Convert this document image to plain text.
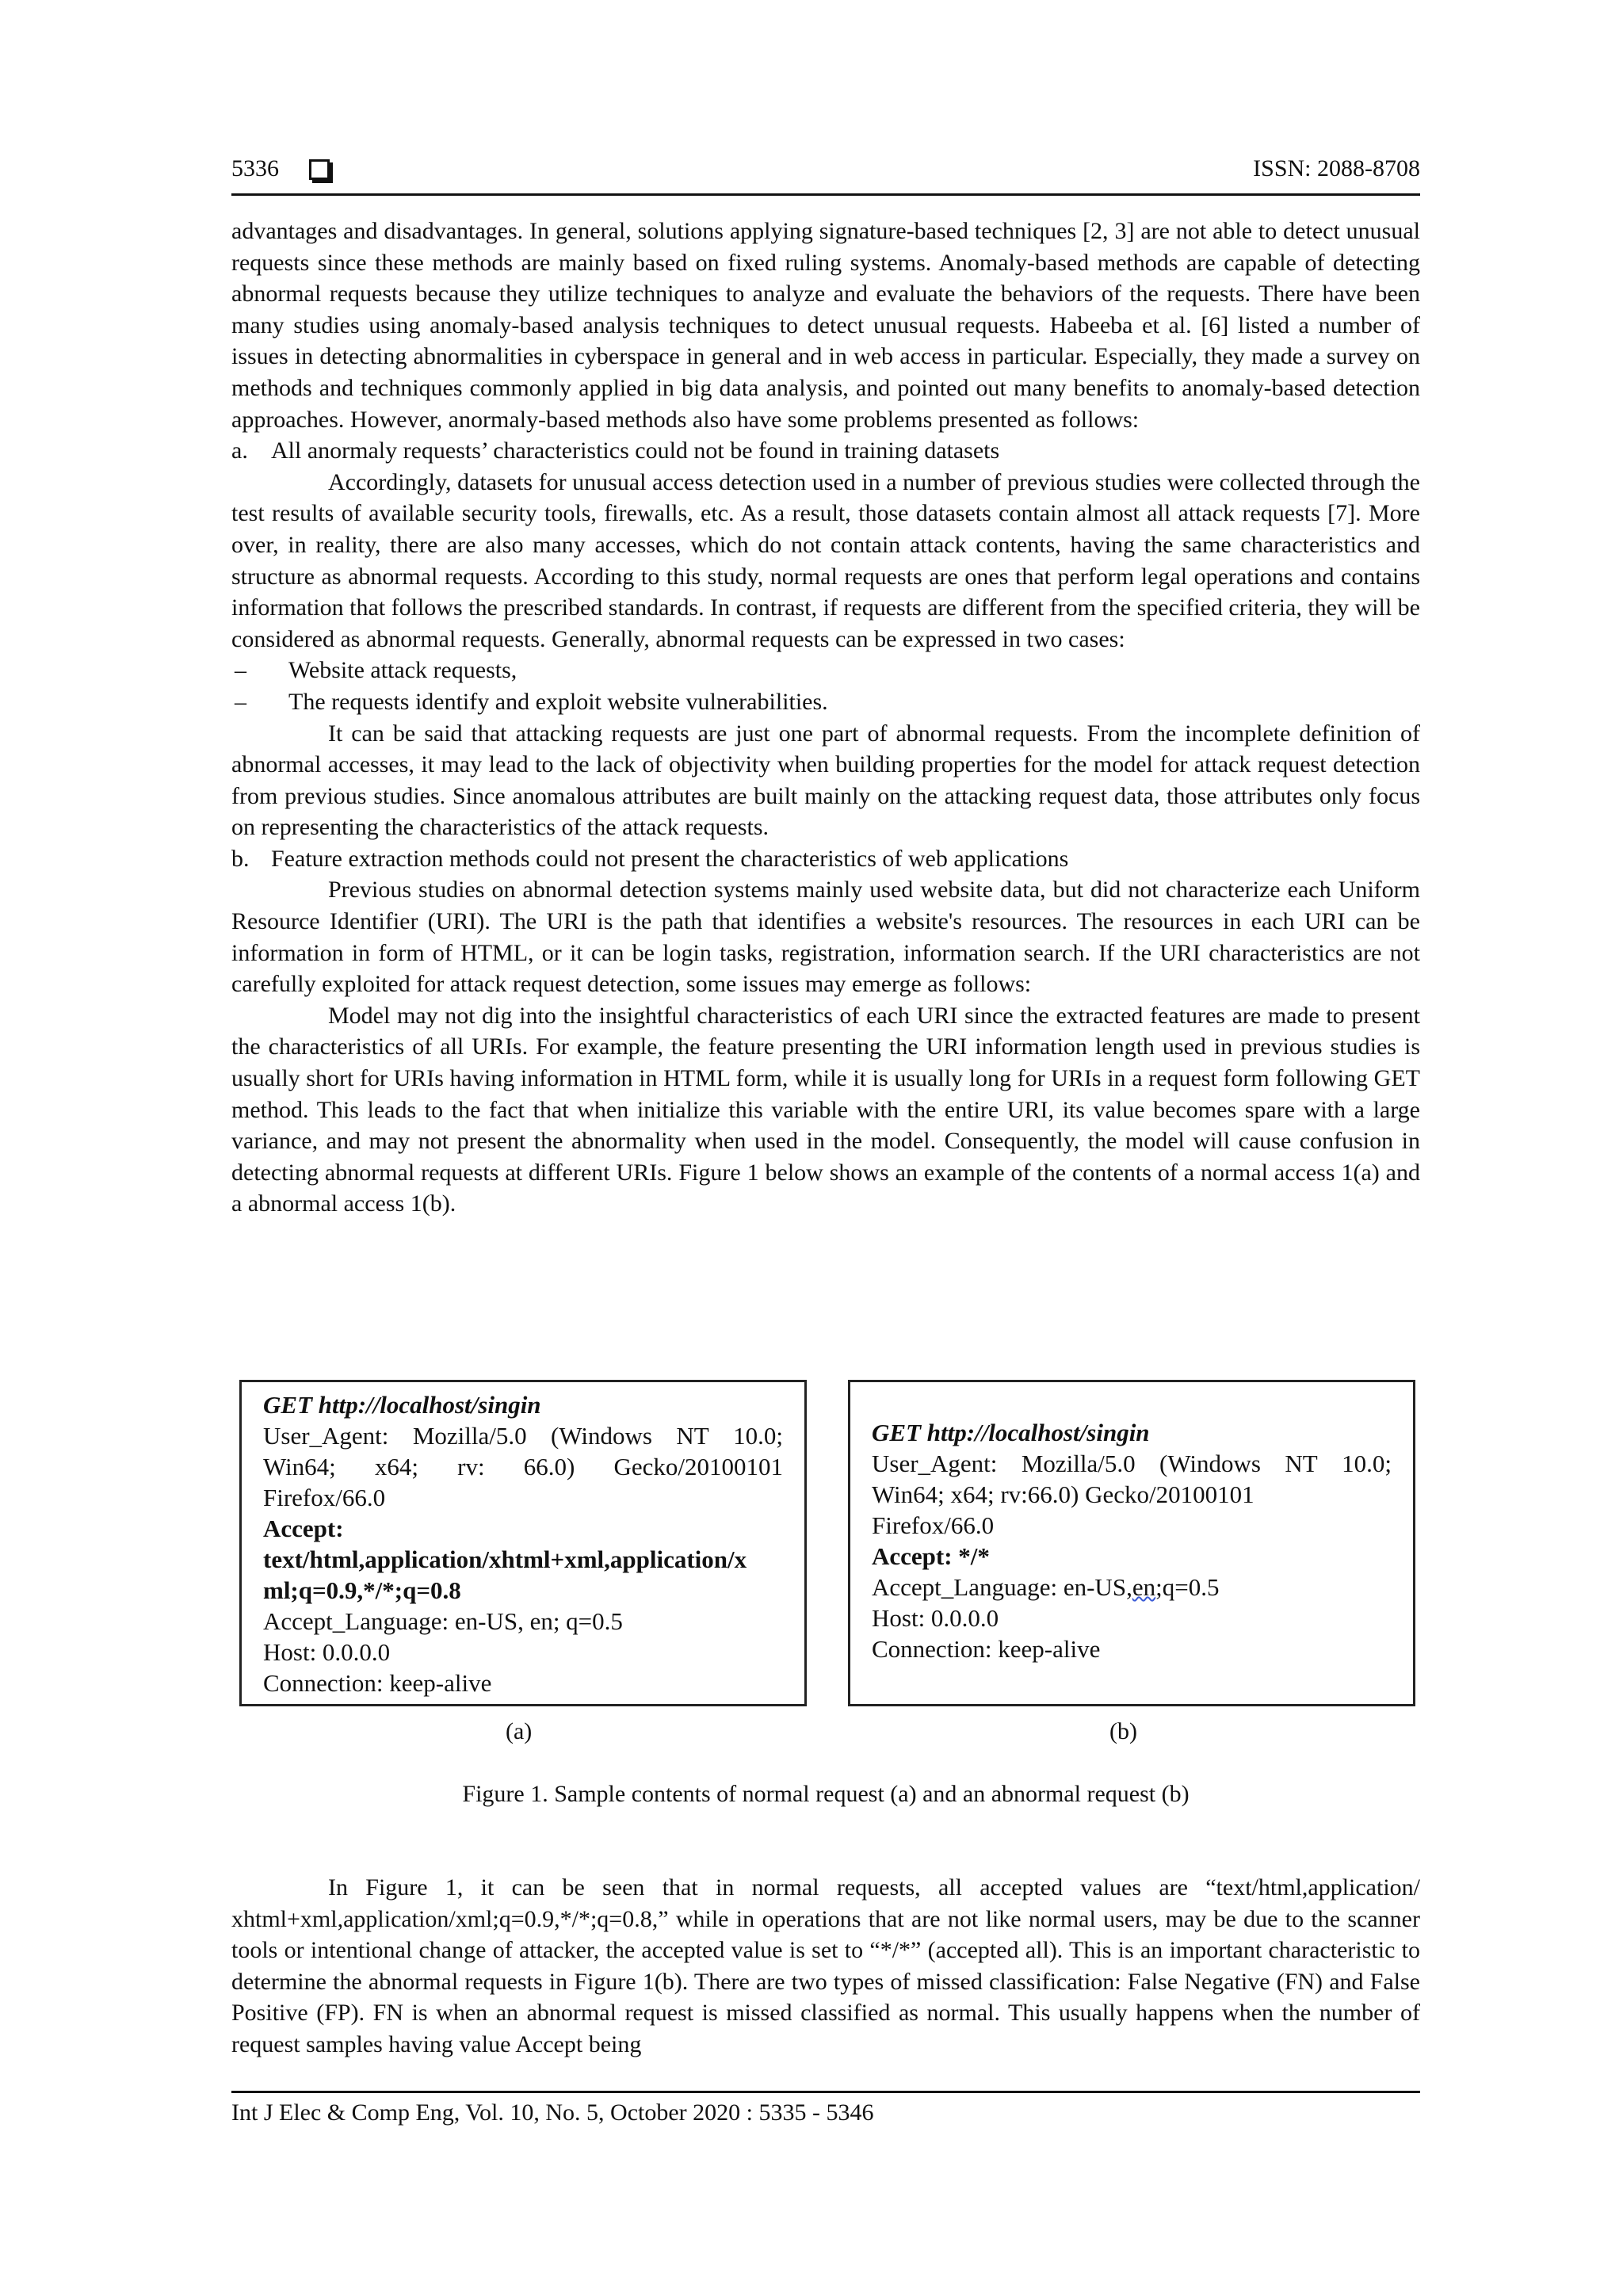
5336	ISSN: 2088-8708

advantages and disadvantages. In general, solutions applying signature-based techniques [2, 3] are not able to detect unusual requests since these methods are mainly based on fixed ruling systems. Anomaly-based methods are capable of detecting abnormal requests because they utilize techniques to analyze and evaluate the behaviors of the requests. There have been many studies using anomaly-based analysis techniques to detect unusual requests. Habeeba et al. [6] listed a number of issues in detecting abnormalities in cyberspace in general and in web access in particular. Especially, they made a survey on methods and techniques commonly applied in big data analysis, and pointed out many benefits to anomaly-based detection approaches. However, anormaly-based methods also have some problems presented as follows:

a. All anormaly requests’ characteristics could not be found in training datasets

Accordingly, datasets for unusual access detection used in a number of previous studies were collected through the test results of available security tools, firewalls, etc. As a result, those datasets contain almost all attack requests [7]. More over, in reality, there are also many accesses, which do not contain attack contents, having the same characteristics and structure as abnormal requests. According to this study, normal requests are ones that perform legal operations and contains information that follows the prescribed standards. In contrast, if requests are different from the specified criteria, they will be considered as abnormal requests. Generally, abnormal requests can be expressed in two cases:

–	Website attack requests,
–	The requests identify and exploit website vulnerabilities.

It can be said that attacking requests are just one part of abnormal requests. From the incomplete definition of abnormal accesses, it may lead to the lack of objectivity when building properties for the model for attack request detection from previous studies. Since anomalous attributes are built mainly on the attacking request data, those attributes only focus on representing the characteristics of the attack requests.

b. Feature extraction methods could not present the characteristics of web applications

Previous studies on abnormal detection systems mainly used website data, but did not characterize each Uniform Resource Identifier (URI). The URI is the path that identifies a website's resources. The resources in each URI can be information in form of HTML, or it can be login tasks, registration, information search. If the URI characteristics are not carefully exploited for attack request detection, some issues may emerge as follows:

Model may not dig into the insightful characteristics of each URI since the extracted features are made to present the characteristics of all URIs. For example, the feature presenting the URI information length used in previous studies is usually short for URIs having information in HTML form, while it is usually long for URIs in a request form following GET method. This leads to the fact that when initialize this variable with the entire URI, its value becomes spare with a large variance, and may not present the abnormality when used in the model. Consequently, the model will cause confusion in detecting abnormal requests at different URIs. Figure 1 below shows an example of the contents of a normal access 1(a) and a abnormal access 1(b).

GET http://localhost/singin
User_Agent: Mozilla/5.0 (Windows NT 10.0;
Win64; x64; rv: 66.0) Gecko/20100101
Firefox/66.0
Accept:
text/html,application/xhtml+xml,application/x
ml;q=0.9,*/*;q=0.8
Accept_Language: en-US, en; q=0.5
Host: 0.0.0.0
Connection: keep-alive
(a)
GET http://localhost/singin
User_Agent: Mozilla/5.0 (Windows NT 10.0;
Win64; x64; rv:66.0) Gecko/20100101
Firefox/66.0
Accept: */*
Accept_Language: en-US,en;q=0.5
Host: 0.0.0.0
Connection: keep-alive
(b)
Figure 1. Sample contents of normal request (a) and an abnormal request (b)

In Figure 1, it can be seen that in normal requests, all accepted values are “text/html,application/ xhtml+xml,application/xml;q=0.9,*/*;q=0.8,” while in operations that are not like normal users, may be due to the scanner tools or intentional change of attacker, the accepted value is set to “*/*” (accepted all). This is an important characteristic to determine the abnormal requests in Figure 1(b). There are two types of missed classification: False Negative (FN) and False Positive (FP). FN is when an abnormal request is missed classified as normal. This usually happens when the number of request samples having value Accept being

Int J Elec & Comp Eng, Vol. 10, No. 5, October 2020 : 5335 - 5346
